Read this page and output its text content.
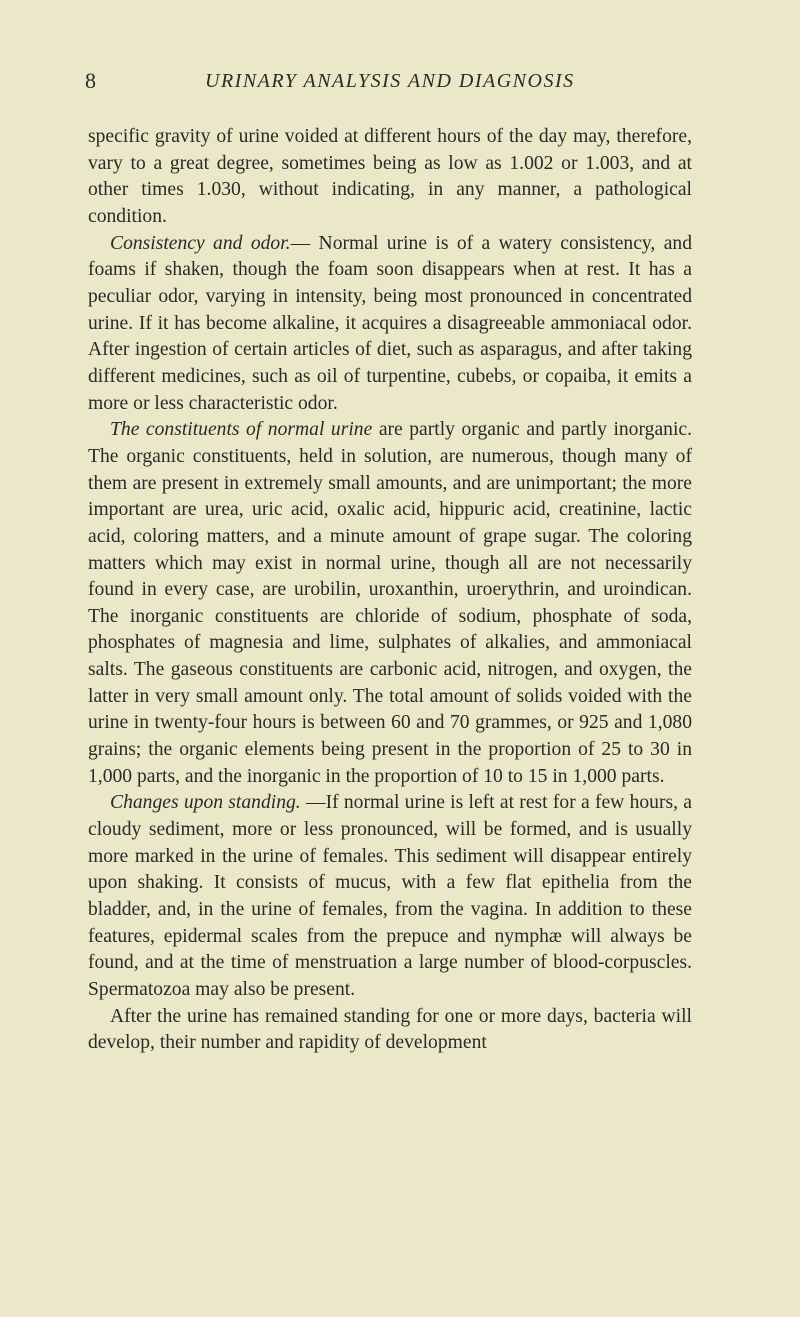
8	URINARY ANALYSIS AND DIAGNOSIS

specific gravity of urine voided at different hours of the day may, therefore, vary to a great degree, sometimes being as low as 1.002 or 1.003, and at other times 1.030, without indicating, in any manner, a pathological condition.

Consistency and odor.— Normal urine is of a watery consistency, and foams if shaken, though the foam soon disappears when at rest. It has a peculiar odor, varying in intensity, being most pronounced in concentrated urine. If it has become alkaline, it acquires a disagreeable ammoniacal odor. After ingestion of certain articles of diet, such as asparagus, and after taking different medicines, such as oil of turpentine, cubebs, or copaiba, it emits a more or less characteristic odor.

The constituents of normal urine are partly organic and partly inorganic. The organic constituents, held in solution, are numerous, though many of them are present in extremely small amounts, and are unimportant; the more important are urea, uric acid, oxalic acid, hippuric acid, creatinine, lactic acid, coloring matters, and a minute amount of grape sugar. The coloring matters which may exist in normal urine, though all are not necessarily found in every case, are urobilin, uroxanthin, uroerythrin, and uroindican. The inorganic constituents are chloride of sodium, phosphate of soda, phosphates of magnesia and lime, sulphates of alkalies, and ammoniacal salts. The gaseous constituents are carbonic acid, nitrogen, and oxygen, the latter in very small amount only. The total amount of solids voided with the urine in twenty-four hours is between 60 and 70 grammes, or 925 and 1,080 grains; the organic elements being present in the proportion of 25 to 30 in 1,000 parts, and the inorganic in the proportion of 10 to 15 in 1,000 parts.

Changes upon standing. —If normal urine is left at rest for a few hours, a cloudy sediment, more or less pronounced, will be formed, and is usually more marked in the urine of females. This sediment will disappear entirely upon shaking. It consists of mucus, with a few flat epithelia from the bladder, and, in the urine of females, from the vagina. In addition to these features, epidermal scales from the prepuce and nymphæ will always be found, and at the time of menstruation a large number of blood-corpuscles. Spermatozoa may also be present.

After the urine has remained standing for one or more days, bacteria will develop, their number and rapidity of development
